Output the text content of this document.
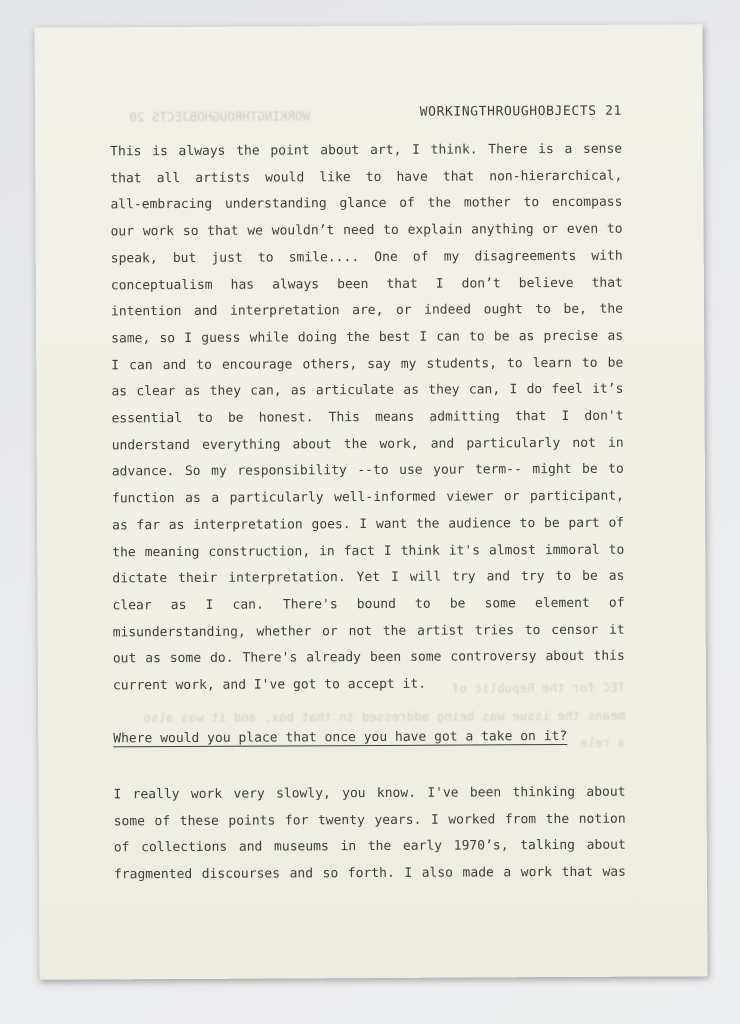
WORKINGTHROUGHOBJECTS 20	WORKINGTHROUGHOBJECTS 21
This is always the point about art, I think. There is a sense
that all artists would like to have that non-hierarchical,
all-embracing understanding glance of the mother to encompass
our work so that we wouldn’t need to explain anything or even to
speak, but just to smile.... One of my disagreements with
conceptualism has always been that I don’t believe that
intention and interpretation are, or indeed ought to be, the
same, so I guess while doing the best I can to be as precise as
I can and to encourage others, say my students, to learn to be
as clear as they can, as articulate as they can, I do feel it’s
essential to be honest. This means admitting that I don't
understand everything about the work, and particularly not in
advance. So my responsibility --to use your term-- might be to
function as a particularly well-informed viewer or participant,
as far as interpretation goes. I want the audience to be part of
the meaning construction, in fact I think it's almost immoral to
dictate their interpretation. Yet I will try and try to be as
clear as I can. There's bound to be some element of
misunderstanding, whether or not the artist tries to censor it
out as some do. There's already been some controversy about this
current work, and I've got to accept it.	TEC for the Republic of
means the issue was being addressed in that box, and it was also
a rele
Where would you place that once you have got a take on it?
I really work very slowly, you know. I've been thinking about
some of these points for twenty years. I worked from the notion
of collections and museums in the early 1970’s, talking about
fragmented discourses and so forth. I also made a work that was
